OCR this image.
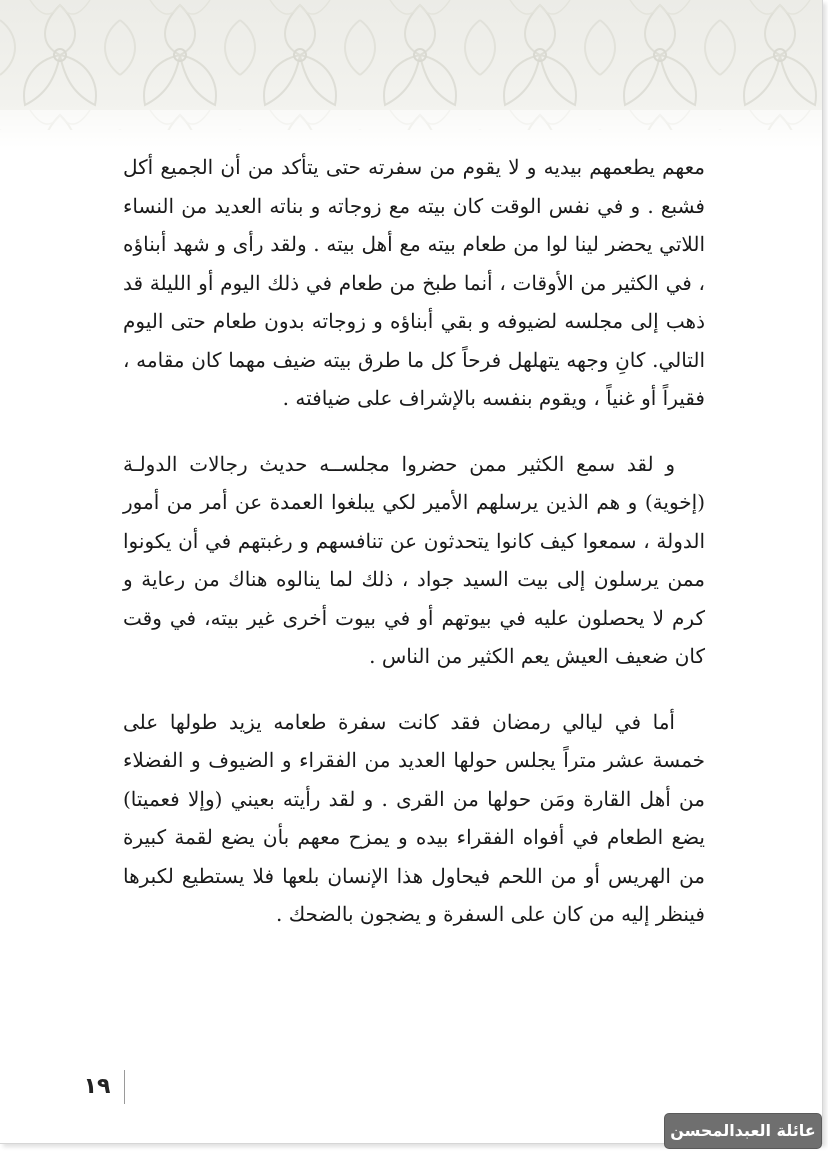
معهم يطعمهم بيديه و لا يقوم من سفرته حتى يتأكد من أن الجميع أكل فشبع . و في نفس الوقت كان بيته مع زوجاته و بناته العديد من النساء اللاتي يحضر لينا لوا من طعام بيته مع أهل بيته . ولقد رأى و شهد أبناؤه ، في الكثير من الأوقات ، أنما طبخ من طعام في ذلك اليوم أو الليلة قد ذهب إلى مجلسه لضيوفه و بقي أبناؤه و زوجاته بدون طعام حتى اليوم التالي. كانِ وجهه يتهلهل فرحاً كل ما طرق بيته ضيف مهما كان مقامه ، فقيراً أو غنياً ، ويقوم بنفسه بالإشراف على ضيافته .

و لقد سمع الكثير ممن حضروا مجلســه حديث رجالات الدولـة (إخوية) و هم الذين يرسلهم الأمير لكي يبلغوا العمدة عن أمر من أمور الدولة ، سمعوا كيف كانوا يتحدثون عن تنافسهم و رغبتهم في أن يكونوا ممن يرسلون إلى بيت السيد جواد ، ذلك لما ينالوه هناك من رعاية و كرم لا يحصلون عليه في بيوتهم أو في بيوت أخرى غير بيته، في وقت كان ضعيف العيش يعم الكثير من الناس .

أما في ليالي رمضان فقد كانت سفرة طعامه يزيد طولها على خمسة عشر متراً يجلس حولها العديد من الفقراء و الضيوف و الفضلاء من أهل القارة ومَن حولها من القرى . و لقد رأيته بعيني (وإلا فعميتا) يضع الطعام في أفواه الفقراء بيده و يمزح معهم بأن يضع لقمة كبيرة من الهريس أو من اللحم فيحاول هذا الإنسان بلعها فلا يستطيع لكبرها فينظر إليه من كان على السفرة و يضجون بالضحك .

١٩
عائلة العبدالمحسن
